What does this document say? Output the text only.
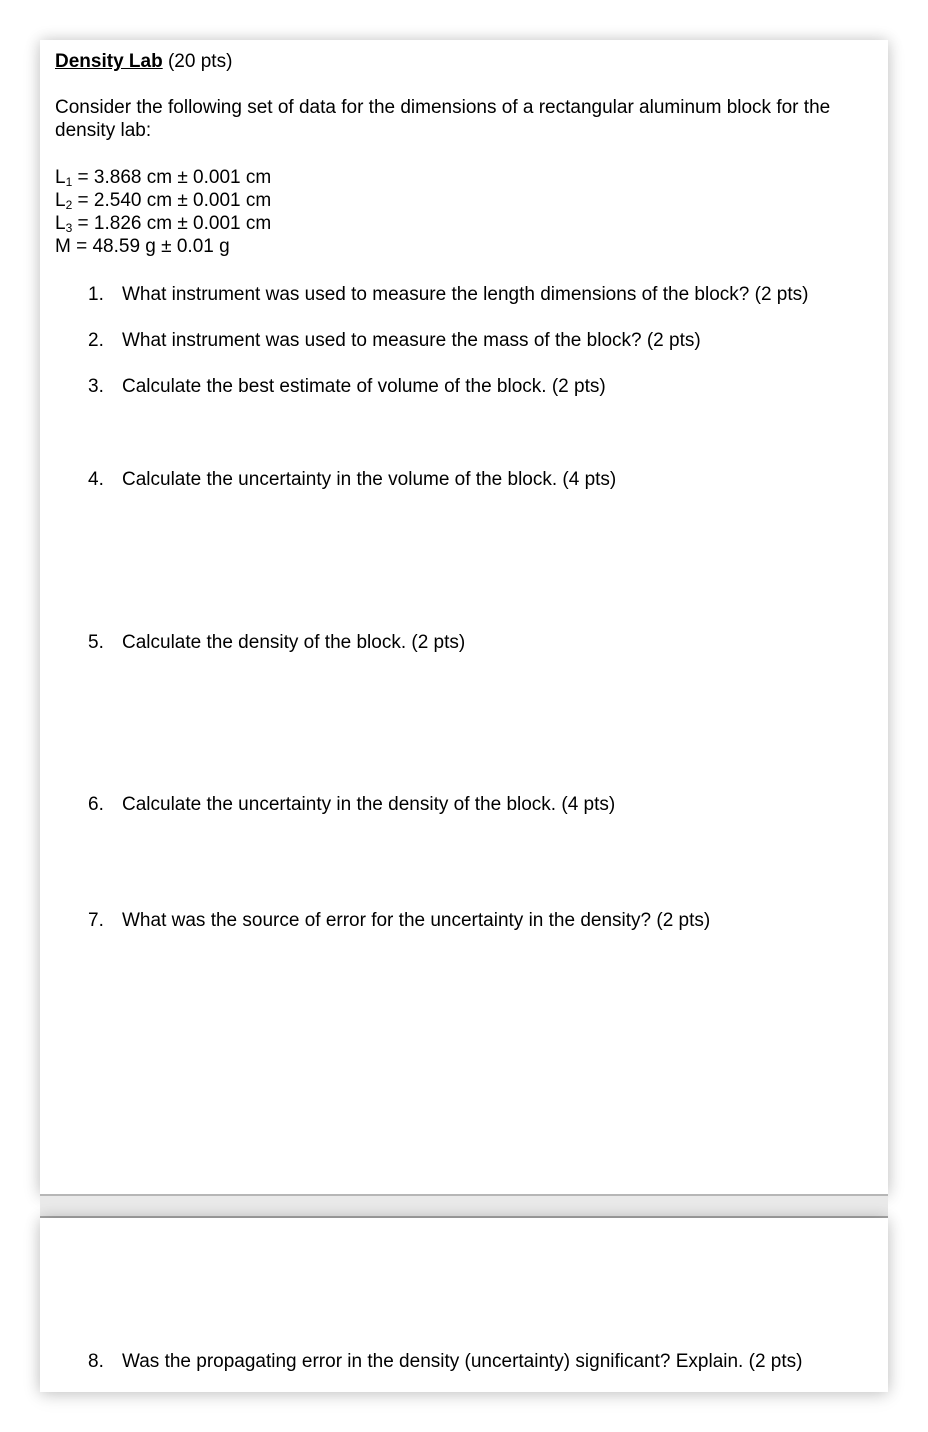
Density Lab (20 pts)
Consider the following set of data for the dimensions of a rectangular aluminum block for the
density lab:
$L_1 = 3.868$ cm ± 0.001 cm
$L_2 = 2.540$ cm ± 0.001 cm
$L_3 = 1.826$ cm ± 0.001 cm
M = 48.59 g ± 0.01 g
1. What instrument was used to measure the length dimensions of the block? (2 pts)
2. What instrument was used to measure the mass of the block? (2 pts)
3. Calculate the best estimate of volume of the block. (2 pts)
4. Calculate the uncertainty in the volume of the block. (4 pts)
5. Calculate the density of the block. (2 pts)
6. Calculate the uncertainty in the density of the block. (4 pts)
7. What was the source of error for the uncertainty in the density? (2 pts)
8. Was the propagating error in the density (uncertainty) significant? Explain. (2 pts)
